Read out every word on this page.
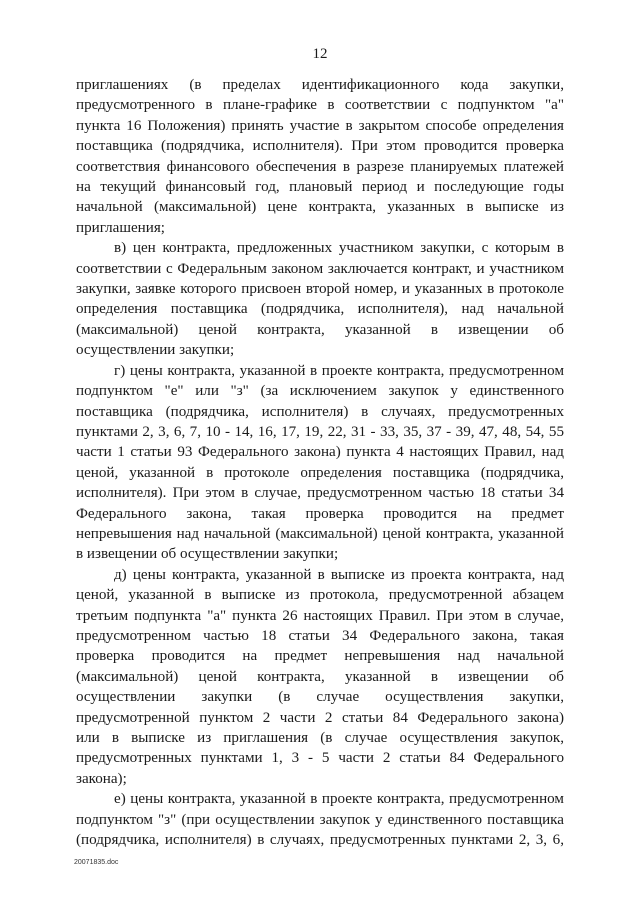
12
приглашениях (в пределах идентификационного кода закупки,
предусмотренного в плане-графике в соответствии с подпунктом "а"
пункта 16 Положения) принять участие в закрытом способе определения
поставщика (подрядчика, исполнителя). При этом проводится проверка
соответствия финансового обеспечения в разрезе планируемых платежей
на текущий финансовый год, плановый период и последующие годы
начальной (максимальной) цене контракта, указанных в выписке из
приглашения;
в) цен контракта, предложенных участником закупки, с которым в
соответствии с Федеральным законом заключается контракт, и участником
закупки, заявке которого присвоен второй номер, и указанных в протоколе
определения поставщика (подрядчика, исполнителя), над начальной
(максимальной) ценой контракта, указанной в извещении об
осуществлении закупки;
г) цены контракта, указанной в проекте контракта, предусмотренном
подпунктом "е" или "з" (за исключением закупок у единственного
поставщика (подрядчика, исполнителя) в случаях, предусмотренных
пунктами 2, 3, 6, 7, 10 - 14, 16, 17, 19, 22, 31 - 33, 35, 37 - 39, 47, 48, 54, 55
части 1 статьи 93 Федерального закона) пункта 4 настоящих Правил, над
ценой, указанной в протоколе определения поставщика (подрядчика,
исполнителя). При этом в случае, предусмотренном частью 18 статьи 34
Федерального закона, такая проверка проводится на предмет
непревышения над начальной (максимальной) ценой контракта, указанной
в извещении об осуществлении закупки;
д) цены контракта, указанной в выписке из проекта контракта, над
ценой, указанной в выписке из протокола, предусмотренной абзацем
третьим подпункта "а" пункта 26 настоящих Правил. При этом в случае,
предусмотренном частью 18 статьи 34 Федерального закона, такая
проверка проводится на предмет непревышения над начальной
(максимальной) ценой контракта, указанной в извещении об
осуществлении закупки (в случае осуществления закупки,
предусмотренной пунктом 2 части 2 статьи 84 Федерального закона)
или в выписке из приглашения (в случае осуществления закупок,
предусмотренных пунктами 1, 3 - 5 части 2 статьи 84 Федерального
закона);
е) цены контракта, указанной в проекте контракта, предусмотренном
подпунктом "з" (при осуществлении закупок у единственного поставщика
(подрядчика, исполнителя) в случаях, предусмотренных пунктами 2, 3, 6,
20071835.doc
